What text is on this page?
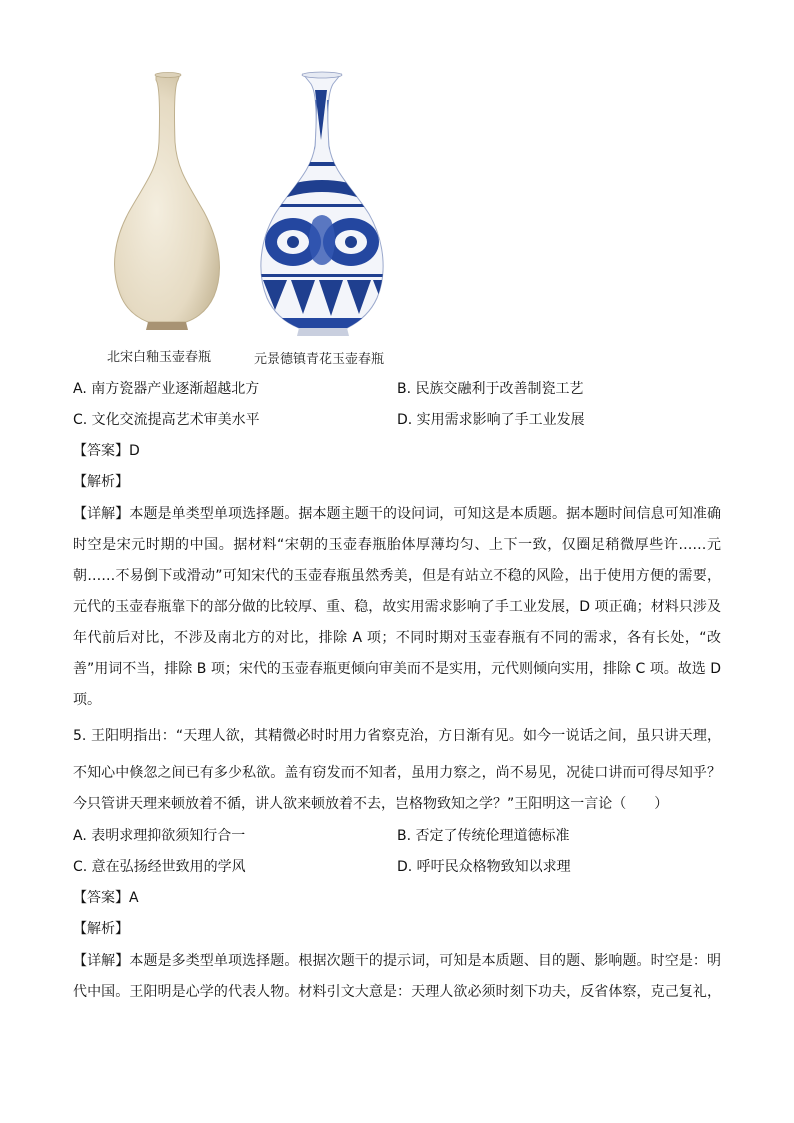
北宋白釉玉壶春瓶	元景德镇青花玉壶春瓶
A. 南方瓷器产业逐渐超越北方	B. 民族交融利于改善制瓷工艺
C. 文化交流提高艺术审美水平	D. 实用需求影响了手工业发展
【答案】D
【解析】
【详解】本题是单类型单项选择题。据本题主题干的设问词，可知这是本质题。据本题时间信息可知准确
时空是宋元时期的中国。据材料“宋朝的玉壶春瓶胎体厚薄均匀、上下一致，仅圈足稍微厚些许……元
朝……不易倒下或滑动”可知宋代的玉壶春瓶虽然秀美，但是有站立不稳的风险，出于使用方便的需要，
元代的玉壶春瓶靠下的部分做的比较厚、重、稳，故实用需求影响了手工业发展，D 项正确；材料只涉及
年代前后对比，不涉及南北方的对比，排除 A 项；不同时期对玉壶春瓶有不同的需求，各有长处，“改
善”用词不当，排除 B 项；宋代的玉壶春瓶更倾向审美而不是实用，元代则倾向实用，排除 C 项。故选 D
项。
5. 王阳明指出：“天理人欲，其精微必时时用力省察克治，方日渐有见。如今一说话之间，虽只讲天理，
不知心中倏忽之间已有多少私欲。盖有窃发而不知者，虽用力察之，尚不易见，况徒口讲而可得尽知乎？
今只管讲天理来顿放着不循，讲人欲来顿放着不去，岂格物致知之学？”王阳明这一言论（　　）
A. 表明求理抑欲须知行合一	B. 否定了传统伦理道德标准
C. 意在弘扬经世致用的学风	D. 呼吁民众格物致知以求理
【答案】A
【解析】
【详解】本题是多类型单项选择题。根据次题干的提示词，可知是本质题、目的题、影响题。时空是：明
代中国。王阳明是心学的代表人物。材料引文大意是：天理人欲必须时刻下功夫，反省体察，克己复礼，
